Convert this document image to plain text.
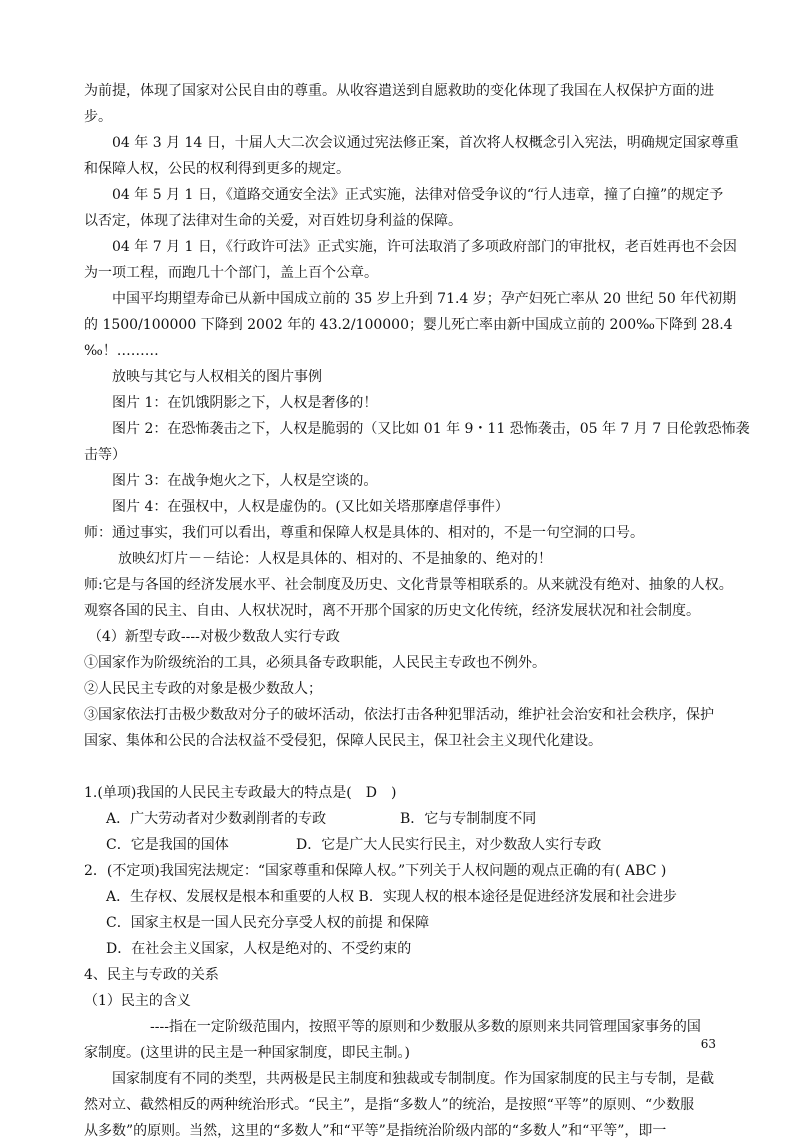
为前提，体现了国家对公民自由的尊重。从收容遣送到自愿救助的变化体现了我国在人权保护方面的进
步。
04 年 3 月 14 日，十届人大二次会议通过宪法修正案，首次将人权概念引入宪法，明确规定国家尊重
和保障人权，公民的权利得到更多的规定。
04 年 5 月 1 日，《道路交通安全法》正式实施，法律对倍受争议的“行人违章，撞了白撞”的规定予
以否定，体现了法律对生命的关爱，对百姓切身利益的保障。
04 年 7 月 1 日，《行政许可法》正式实施，许可法取消了多项政府部门的审批权，老百姓再也不会因
为一项工程，而跑几十个部门，盖上百个公章。
中国平均期望寿命已从新中国成立前的 35 岁上升到 71.4 岁；孕产妇死亡率从 20 世纪 50 年代初期
的 1500/100000 下降到 2002 年的 43.2/100000；婴儿死亡率由新中国成立前的 200‰下降到 28.4
‰！………
放映与其它与人权相关的图片事例
图片 1：在饥饿阴影之下，人权是奢侈的！
图片 2：在恐怖袭击之下，人权是脆弱的（又比如 01 年 9・11 恐怖袭击，05 年 7 月 7 日伦敦恐怖袭
击等）
图片 3：在战争炮火之下，人权是空谈的。
图片 4：在强权中，人权是虚伪的。(又比如关塔那摩虐俘事件）
师：通过事实，我们可以看出，尊重和保障人权是具体的、相对的，不是一句空洞的口号。
放映幻灯片－－结论：人权是具体的、相对的、不是抽象的、绝对的！
师:它是与各国的经济发展水平、社会制度及历史、文化背景等相联系的。从来就没有绝对、抽象的人权。
观察各国的民主、自由、人权状况时，离不开那个国家的历史文化传统，经济发展状况和社会制度。
（4）新型专政----对极少数敌人实行专政
①国家作为阶级统治的工具，必须具备专政职能，人民民主专政也不例外。
②人民民主专政的对象是极少数敌人；
③国家依法打击极少数敌对分子的破坏活动，依法打击各种犯罪活动，维护社会治安和社会秩序，保护
国家、集体和公民的合法权益不受侵犯，保障人民民主，保卫社会主义现代化建设。
1.(单项)我国的人民民主专政最大的特点是(　D　)
A．广大劳动者对少数剥削者的专政	B．它与专制制度不同
C．它是我国的国体	D．它是广大人民实行民主，对少数敌人实行专政
2．(不定项)我国宪法规定：“国家尊重和保障人权。”下列关于人权问题的观点正确的有( ABC )
A．生存权、发展权是根本和重要的人权 B．实现人权的根本途径是促进经济发展和社会进步
C．国家主权是一国人民充分享受人权的前提 和保障
D．在社会主义国家，人权是绝对的、不受约束的
4、民主与专政的关系
（1）民主的含义
----指在一定阶级范围内，按照平等的原则和少数服从多数的原则来共同管理国家事务的国
家制度。(这里讲的民主是一种国家制度，即民主制。)
国家制度有不同的类型，共两极是民主制度和独裁或专制制度。作为国家制度的民主与专制，是截
然对立、截然相反的两种统治形式。“民主”，是指“多数人”的统治，是按照“平等”的原则、“少数服
从多数”的原则。当然，这里的“多数人”和“平等”是指统治阶级内部的“多数人”和“平等”，即一
63
